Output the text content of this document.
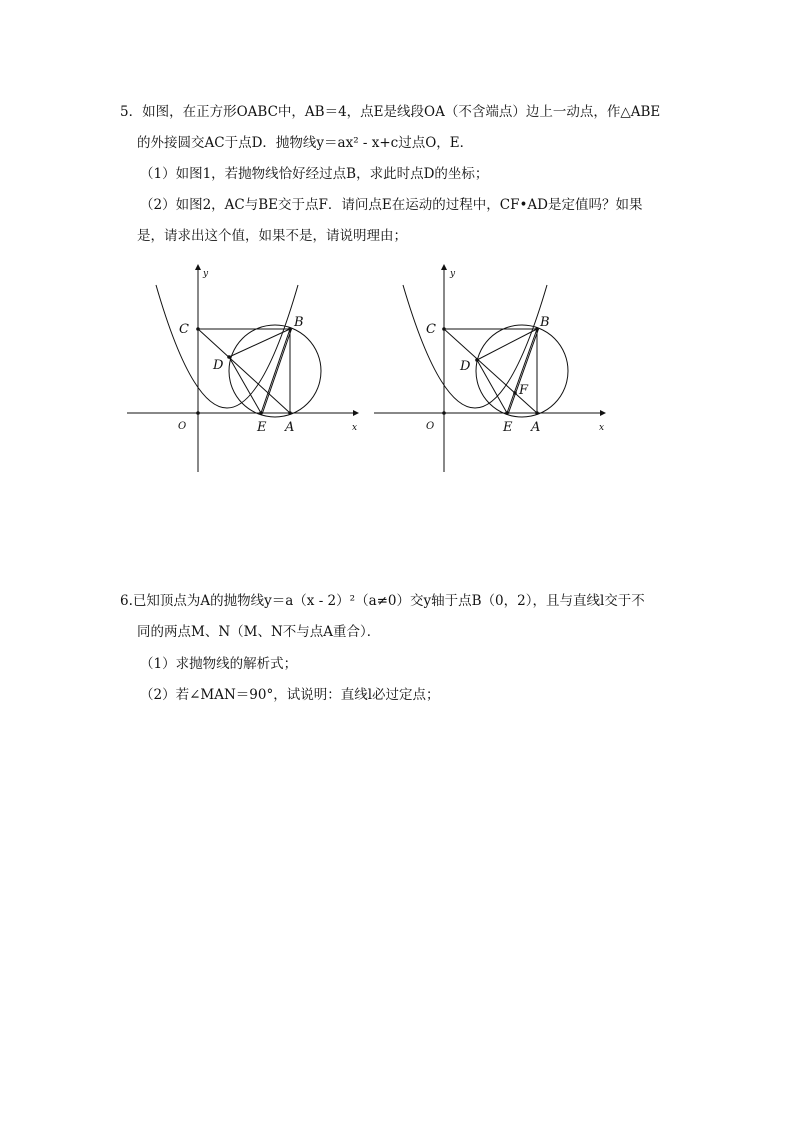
5．如图，在正方形OABC中，AB＝4，点E是线段OA（不含端点）边上一动点，作△ABE
的外接圆交AC于点D．抛物线y＝ax² - x+c过点O，E．
（1）如图1，若抛物线恰好经过点B，求此时点D的坐标；
（2）如图2，AC与BE交于点F．请问点E在运动的过程中，CF•AD是定值吗？如果
是，请求出这个值，如果不是，请说明理由；
y
x
O
C	B
D
E A
y
x
O
C	B
D
F
E A
6.已知顶点为A的抛物线y＝a（x - 2）²（a≠0）交y轴于点B（0，2），且与直线l交于不
同的两点M、N（M、N不与点A重合）．
（1）求抛物线的解析式；
（2）若∠MAN＝90°，试说明：直线l必过定点；
